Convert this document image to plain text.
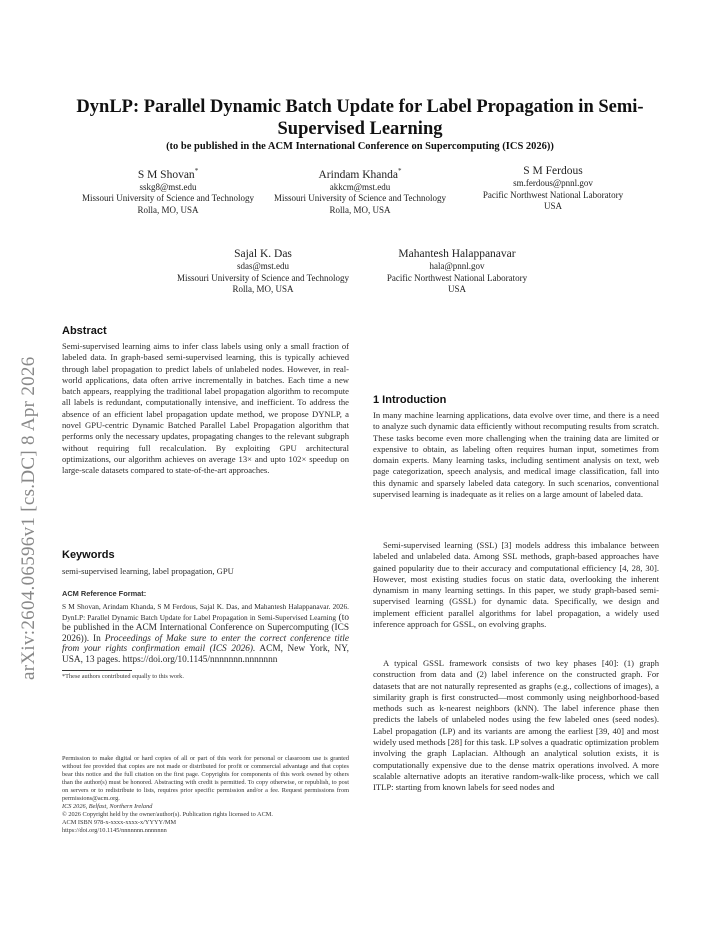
arXiv:2604.06596v1 [cs.DC] 8 Apr 2026
DynLP: Parallel Dynamic Batch Update for Label Propagation in Semi-Supervised Learning
(to be published in the ACM International Conference on Supercomputing (ICS 2026))
S M Shovan*
sskg8@mst.edu
Missouri University of Science and Technology
Rolla, MO, USA
Arindam Khanda*
akkcm@mst.edu
Missouri University of Science and Technology
Rolla, MO, USA
S M Ferdous
sm.ferdous@pnnl.gov
Pacific Northwest National Laboratory
USA
Sajal K. Das
sdas@mst.edu
Missouri University of Science and Technology
Rolla, MO, USA
Mahantesh Halappanavar
hala@pnnl.gov
Pacific Northwest National Laboratory
USA
Abstract
Semi-supervised learning aims to infer class labels using only a small fraction of labeled data. In graph-based semi-supervised learning, this is typically achieved through label propagation to predict labels of unlabeled nodes. However, in real-world applications, data often arrive incrementally in batches. Each time a new batch appears, reapplying the traditional label propagation algorithm to recompute all labels is redundant, computationally intensive, and inefficient. To address the absence of an efficient label propagation update method, we propose DYNLP, a novel GPU-centric Dynamic Batched Parallel Label Propagation algorithm that performs only the necessary updates, propagating changes to the relevant subgraph without requiring full recalculation. By exploiting GPU architectural optimizations, our algorithm achieves on average 13× and upto 102× speedup on large-scale datasets compared to state-of-the-art approaches.
Keywords
semi-supervised learning, label propagation, GPU
ACM Reference Format:
S M Shovan, Arindam Khanda, S M Ferdous, Sajal K. Das, and Mahantesh Halappanavar. 2026. DynLP: Parallel Dynamic Batch Update for Label Propagation in Semi-Supervised Learning (to be published in the ACM International Conference on Supercomputing (ICS 2026)). In Proceedings of Make sure to enter the correct conference title from your rights confirmation email (ICS 2026). ACM, New York, NY, USA, 13 pages. https://doi.org/10.1145/nnnnnnn.nnnnnnn
*These authors contributed equally to this work.
Permission to make digital or hard copies of all or part of this work for personal or classroom use is granted without fee provided that copies are not made or distributed for profit or commercial advantage and that copies bear this notice and the full citation on the first page. Copyrights for components of this work owned by others than the author(s) must be honored. Abstracting with credit is permitted. To copy otherwise, or republish, to post on servers or to redistribute to lists, requires prior specific permission and/or a fee. Request permissions from permissions@acm.org.
ICS 2026, Belfast, Northern Ireland
© 2026 Copyright held by the owner/author(s). Publication rights licensed to ACM.
ACM ISBN 978-x-xxxx-xxxx-x/YYYY/MM
https://doi.org/10.1145/nnnnnnn.nnnnnnn
1 Introduction
In many machine learning applications, data evolve over time, and there is a need to analyze such dynamic data efficiently without recomputing results from scratch. These tasks become even more challenging when the training data are limited or expensive to obtain, as labeling often requires human input, sometimes from domain experts. Many learning tasks, including sentiment analysis on text, web page categorization, speech analysis, and medical image classification, fall into this dynamic and sparsely labeled data category. In such scenarios, conventional supervised learning is inadequate as it relies on a large amount of labeled data.
Semi-supervised learning (SSL) [3] models address this imbalance between labeled and unlabeled data. Among SSL methods, graph-based approaches have gained popularity due to their accuracy and computational efficiency [4, 28, 30]. However, most existing studies focus on static data, overlooking the inherent dynamism in many learning settings. In this paper, we study graph-based semi-supervised learning (GSSL) for dynamic data. Specifically, we design and implement efficient parallel algorithms for label propagation, a widely used inference approach for GSSL, on evolving graphs.
A typical GSSL framework consists of two key phases [40]: (1) graph construction from data and (2) label inference on the constructed graph. For datasets that are not naturally represented as graphs (e.g., collections of images), a similarity graph is first constructed—most commonly using neighborhood-based methods such as k-nearest neighbors (kNN). The label inference phase then predicts the labels of unlabeled nodes using the few labeled ones (seed nodes). Label propagation (LP) and its variants are among the earliest [39, 40] and most widely used methods [28] for this task. LP solves a quadratic optimization problem involving the graph Laplacian. Although an analytical solution exists, it is computationally expensive due to the dense matrix operations involved. A more scalable alternative adopts an iterative random-walk-like process, which we call ITLP: starting from known labels for seed nodes and
